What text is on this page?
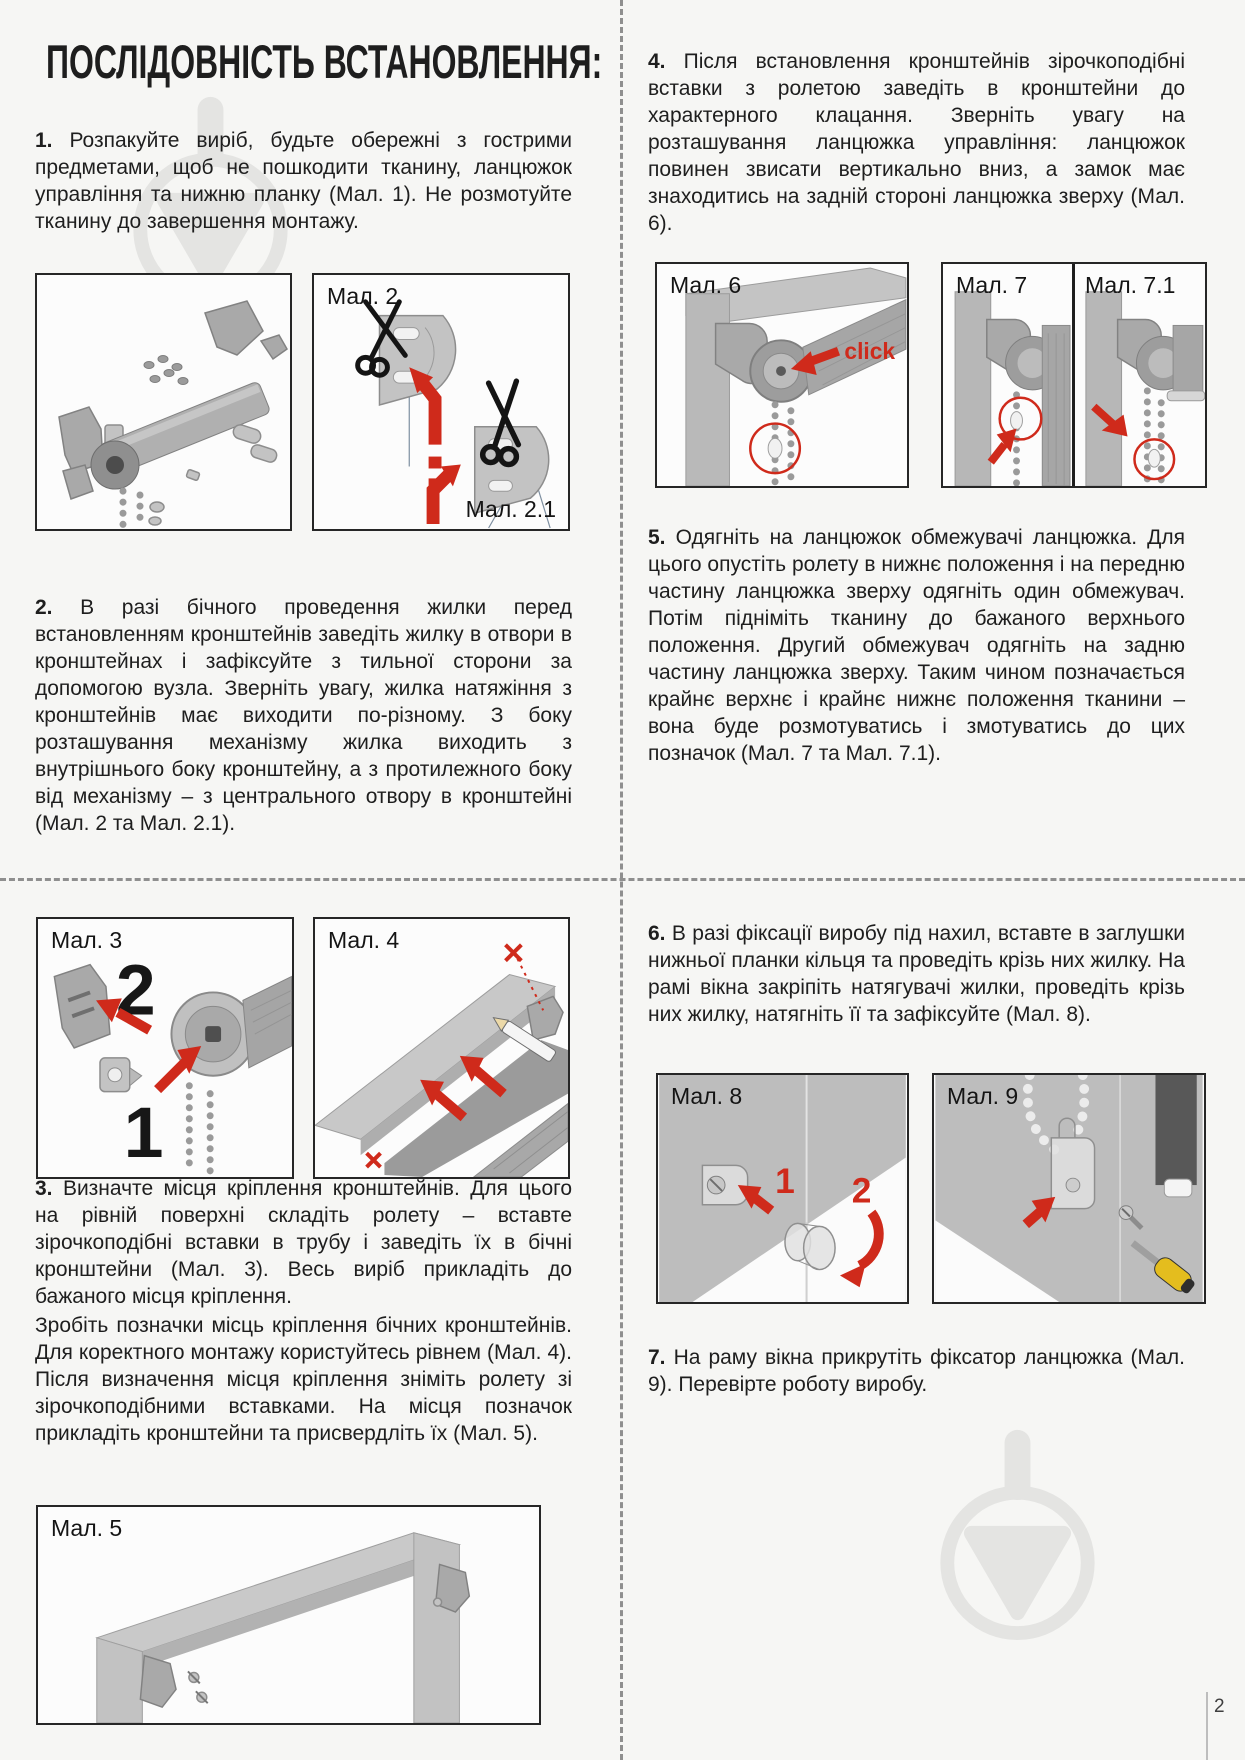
ПОСЛІДОВНІСТЬ ВСТАНОВЛЕННЯ:

1. Розпакуйте виріб, будьте обережні з гострими предметами, щоб не пошкодити тканину, ланцюжок управління та нижню планку (Мал. 1). Не розмотуйте тканину до завершення монтажу.

Мал. 2
Мал. 2.1

2. В разі бічного проведення жилки перед встановленням кронштейнів заведіть жилку в отвори в кронштейнах і зафіксуйте з тильної сторони за допомогою вузла. Зверніть увагу, жилка натяжіння з кронштейнів має виходити по-різному. З боку розташування механізму жилка виходить з внутрішнього боку кронштейну, а з протилежного боку від механізму – з центрального отвору в кронштейні (Мал. 2 та Мал. 2.1).

Мал. 3
2
1
Мал. 4

3. Визначте місця кріплення кронштейнів. Для цього на рівній поверхні складіть ролету – вставте зірочкоподібні вставки в трубу і заведіть їх в бічні кронштейни (Мал. 3). Весь виріб прикладіть до бажаного місця кріплення.

Зробіть позначки місць кріплення бічних кронштейнів. Для коректного монтажу користуйтесь рівнем (Мал. 4). Після визначення місця кріплення зніміть ролету зі зірочкоподібними вставками. На місця позначок прикладіть кронштейни та присвердліть їх (Мал. 5).

Мал. 5

4. Після встановлення кронштейнів зірочкоподібні вставки з ролетою заведіть в кронштейни до характерного клацання. Зверніть увагу на розташування ланцюжка управління: ланцюжок повинен звисати вертикально вниз, а замок має знаходитись на задній стороні ланцюжка зверху (Мал. 6).

Мал. 6
click
Мал. 7	Мал. 7.1

5. Одягніть на ланцюжок обмежувачі ланцюжка. Для цього опустіть ролету в нижнє положення і на передню частину ланцюжка зверху одягніть один обмежувач. Потім підніміть тканину до бажаного верхнього положення. Другий обмежувач одягніть на задню частину ланцюжка зверху. Таким чином позначається крайнє верхнє і крайнє нижнє положення тканини – вона буде розмотуватись і змотуватись до цих позначок (Мал. 7 та Мал. 7.1).

6. В разі фіксації виробу під нахил, вставте в заглушки нижньої планки кільця та проведіть крізь них жилку. На рамі вікна закріпіть натягувачі жилки, проведіть крізь них жилку, натягніть її та зафіксуйте (Мал. 8).

Мал. 8
1 2
Мал. 9

7. На раму вікна прикрутіть фіксатор ланцюжка (Мал. 9). Перевірте роботу виробу.

2
